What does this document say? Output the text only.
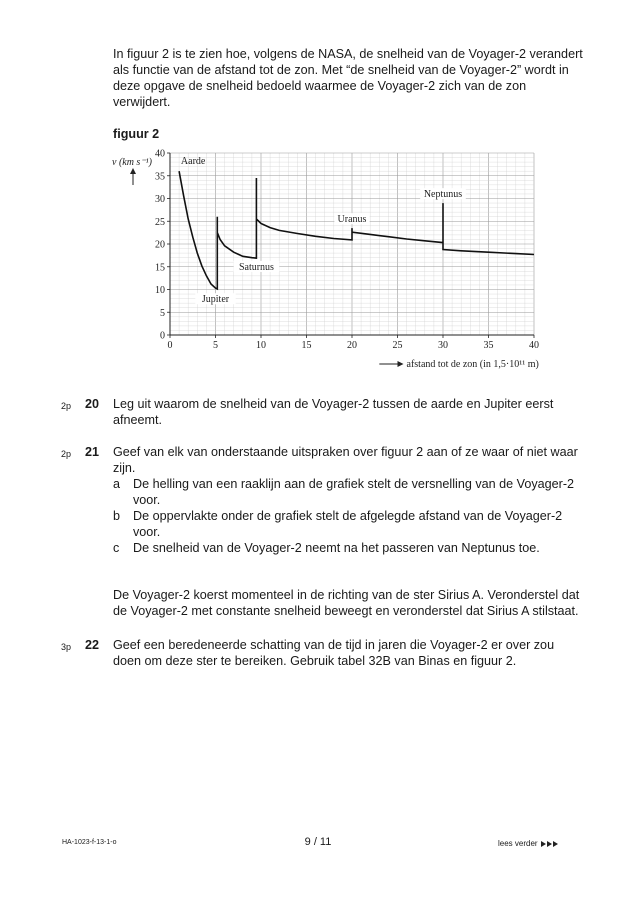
In figuur 2 is te zien hoe, volgens de NASA, de snelheid van de Voyager-2 verandert als functie van de afstand tot de zon. Met “de snelheid van de Voyager-2” wordt in deze opgave de snelheid bedoeld waarmee de Voyager-2 zich van de zon verwijdert.

figuur 2

0	5	10	15	20	25	30	35	40
0
5
10
15
20
25
30
35
40
v (km s⁻¹)
afstand tot de zon (in 1,5·10¹¹ m)
Aarde
Jupiter
Saturnus
Uranus
Neptunus
2p 20 Leg uit waarom de snelheid van de Voyager-2 tussen de aarde en Jupiter eerst afneemt.
2p 21 Geef van elk van onderstaande uitspraken over figuur 2 aan of ze waar of niet waar zijn.
a De helling van een raaklijn aan de grafiek stelt de versnelling van de Voyager-2 voor.
b De oppervlakte onder de grafiek stelt de afgelegde afstand van de Voyager-2 voor.
c De snelheid van de Voyager-2 neemt na het passeren van Neptunus toe.

De Voyager-2 koerst momenteel in de richting van de ster Sirius A. Veronderstel dat de Voyager-2 met constante snelheid beweegt en veronderstel dat Sirius A stilstaat.

3p 22 Geef een beredeneerde schatting van de tijd in jaren die Voyager-2 er over zou doen om deze ster te bereiken. Gebruik tabel 32B van Binas en figuur 2.
HA-1023-f-13-1-o	9 / 11	lees verder
